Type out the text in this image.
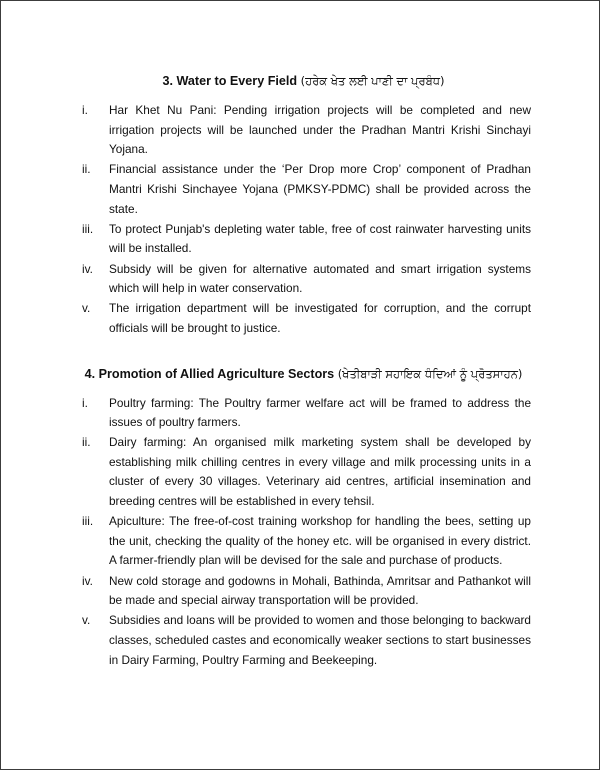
3. Water to Every Field (ਹਰੇਕ ਖੇਤ ਲਈ ਪਾਣੀ ਦਾ ਪ੍ਰਬੰਧ)
i.	Har Khet Nu Pani: Pending irrigation projects will be completed and new irrigation projects will be launched under the Pradhan Mantri Krishi Sinchayi Yojana.
ii.	Financial assistance under the ‘Per Drop more Crop’ component of Pradhan Mantri Krishi Sinchayee Yojana (PMKSY-PDMC) shall be provided across the state.
iii.	To protect Punjab's depleting water table, free of cost rainwater harvesting units will be installed.
iv.	Subsidy will be given for alternative automated and smart irrigation systems which will help in water conservation.
v.	The irrigation department will be investigated for corruption, and the corrupt officials will be brought to justice.
4. Promotion of Allied Agriculture Sectors (ਖੇਤੀਬਾੜੀ ਸਹਾਇਕ ਧੰਦਿਆਂ ਨੂੰ ਪ੍ਰੋਤਸਾਹਨ)
i.	Poultry farming: The Poultry farmer welfare act will be framed to address the issues of poultry farmers.
ii.	Dairy farming: An organised milk marketing system shall be developed by establishing milk chilling centres in every village and milk processing units in a cluster of every 30 villages. Veterinary aid centres, artificial insemination and breeding centres will be established in every tehsil.
iii.	Apiculture: The free-of-cost training workshop for handling the bees, setting up the unit, checking the quality of the honey etc. will be organised in every district. A farmer-friendly plan will be devised for the sale and purchase of products.
iv.	New cold storage and godowns in Mohali, Bathinda, Amritsar and Pathankot will be made and special airway transportation will be provided.
v.	Subsidies and loans will be provided to women and those belonging to backward classes, scheduled castes and economically weaker sections to start businesses in Dairy Farming, Poultry Farming and Beekeeping.
